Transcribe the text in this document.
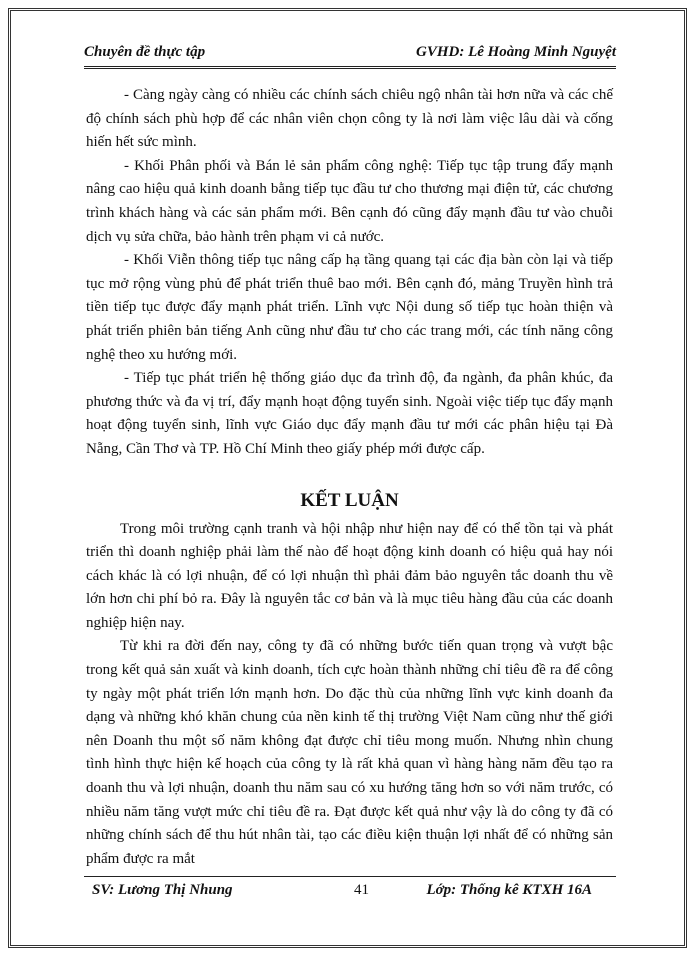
Chuyên đề thực tập	GVHD: Lê Hoàng Minh Nguyệt

- Càng ngày càng có nhiều các chính sách chiêu ngộ nhân tài hơn nữa và các chế độ chính sách phù hợp để các nhân viên chọn công ty là nơi làm việc lâu dài và cống hiến hết sức mình.

- Khối Phân phối và Bán lẻ sản phẩm công nghệ: Tiếp tục tập trung đẩy mạnh nâng cao hiệu quả kinh doanh bằng tiếp tục đầu tư cho thương mại điện tử, các chương trình khách hàng và các sản phẩm mới. Bên cạnh đó cũng đẩy mạnh đầu tư vào chuỗi dịch vụ sửa chữa, bảo hành trên phạm vi cả nước.

- Khối Viễn thông tiếp tục nâng cấp hạ tầng quang tại các địa bàn còn lại và tiếp tục mở rộng vùng phủ để phát triển thuê bao mới. Bên cạnh đó, mảng Truyền hình trả tiền tiếp tục được đẩy mạnh phát triển. Lĩnh vực Nội dung số tiếp tục hoàn thiện và phát triển phiên bản tiếng Anh cũng như đầu tư cho các trang mới, các tính năng công nghệ theo xu hướng mới.

- Tiếp tục phát triển hệ thống giáo dục đa trình độ, đa ngành, đa phân khúc, đa phương thức và đa vị trí, đẩy mạnh hoạt động tuyển sinh. Ngoài việc tiếp tục đẩy mạnh hoạt động tuyển sinh, lĩnh vực Giáo dục đẩy mạnh đầu tư mới các phân hiệu tại Đà Nẵng, Cần Thơ và TP. Hồ Chí Minh theo giấy phép mới được cấp.

KẾT LUẬN

Trong môi trường cạnh tranh và hội nhập như hiện nay để có thể tồn tại và phát triển thì doanh nghiệp phải làm thế nào để hoạt động kinh doanh có hiệu quả hay nói cách khác là có lợi nhuận, để có lợi nhuận thì phải đảm bảo nguyên tắc doanh thu về lớn hơn chi phí bỏ ra. Đây là nguyên tắc cơ bản và là mục tiêu hàng đầu của các doanh nghiệp hiện nay.

Từ khi ra đời đến nay, công ty đã có những bước tiến quan trọng và vượt bậc trong kết quả sản xuất và kinh doanh, tích cực hoàn thành những chỉ tiêu đề ra để công ty ngày một phát triển lớn mạnh hơn. Do đặc thù của những lĩnh vực kinh doanh đa dạng và những khó khăn chung của nền kinh tế thị trường Việt Nam cũng như thế giới nên Doanh thu một số năm không đạt được chỉ tiêu mong muốn. Nhưng nhìn chung tình hình thực hiện kế hoạch của công ty là rất khả quan vì hàng hàng năm đều tạo ra doanh thu và lợi nhuận, doanh thu năm sau có xu hướng tăng hơn so với năm trước, có nhiều năm tăng vượt mức chỉ tiêu đề ra. Đạt được kết quả như vậy là do công ty đã có những chính sách để thu hút nhân tài, tạo các điều kiện thuận lợi nhất để có những sản phẩm được ra mắt

SV: Lương Thị Nhung	41	Lớp: Thống kê KTXH 16A
